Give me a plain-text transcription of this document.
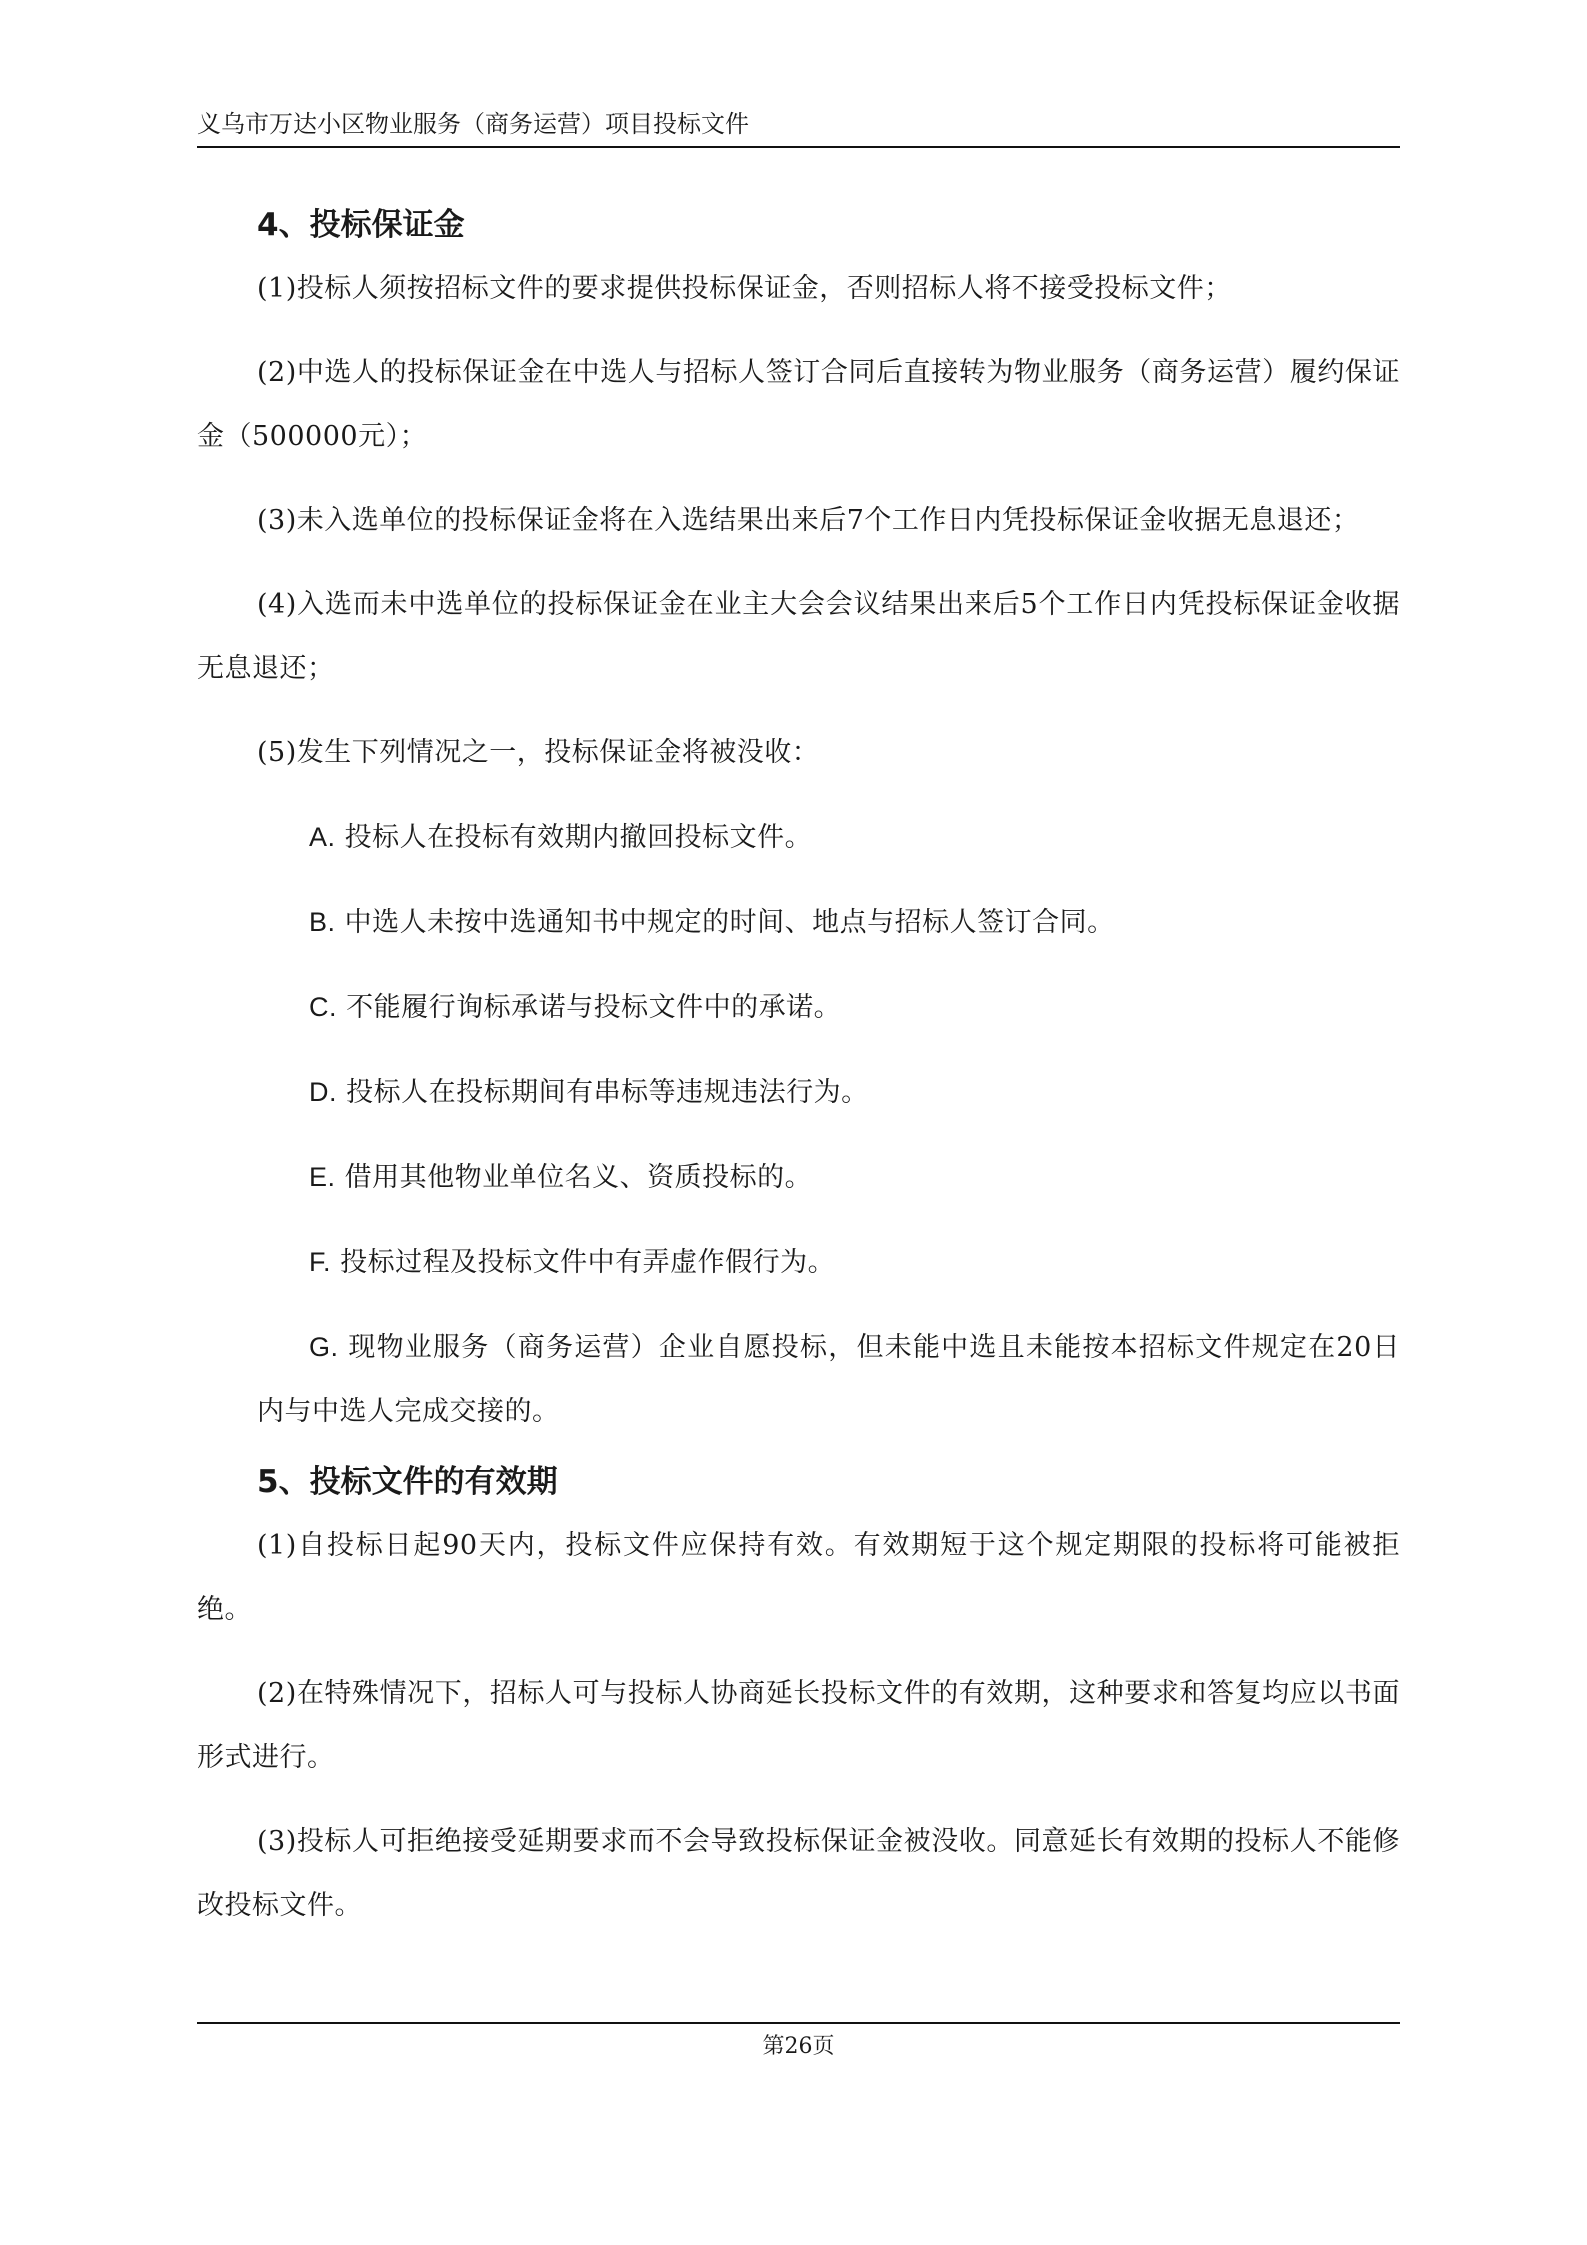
义乌市万达小区物业服务（商务运营）项目投标文件
4、投标保证金

(1)投标人须按招标文件的要求提供投标保证金，否则招标人将不接受投标文件；

(2)中选人的投标保证金在中选人与招标人签订合同后直接转为物业服务（商务运营）履约保证金（500000元）；

(3)未入选单位的投标保证金将在入选结果出来后7个工作日内凭投标保证金收据无息退还；

(4)入选而未中选单位的投标保证金在业主大会会议结果出来后5个工作日内凭投标保证金收据无息退还；

(5)发生下列情况之一，投标保证金将被没收：

A. 投标人在投标有效期内撤回投标文件。

B. 中选人未按中选通知书中规定的时间、地点与招标人签订合同。

C. 不能履行询标承诺与投标文件中的承诺。

D. 投标人在投标期间有串标等违规违法行为。

E. 借用其他物业单位名义、资质投标的。

F. 投标过程及投标文件中有弄虚作假行为。

G. 现物业服务（商务运营）企业自愿投标，但未能中选且未能按本招标文件规定在20日内与中选人完成交接的。

5、投标文件的有效期

(1)自投标日起90天内，投标文件应保持有效。有效期短于这个规定期限的投标将可能被拒绝。

(2)在特殊情况下，招标人可与投标人协商延长投标文件的有效期，这种要求和答复均应以书面形式进行。

(3)投标人可拒绝接受延期要求而不会导致投标保证金被没收。同意延长有效期的投标人不能修改投标文件。

第26页
